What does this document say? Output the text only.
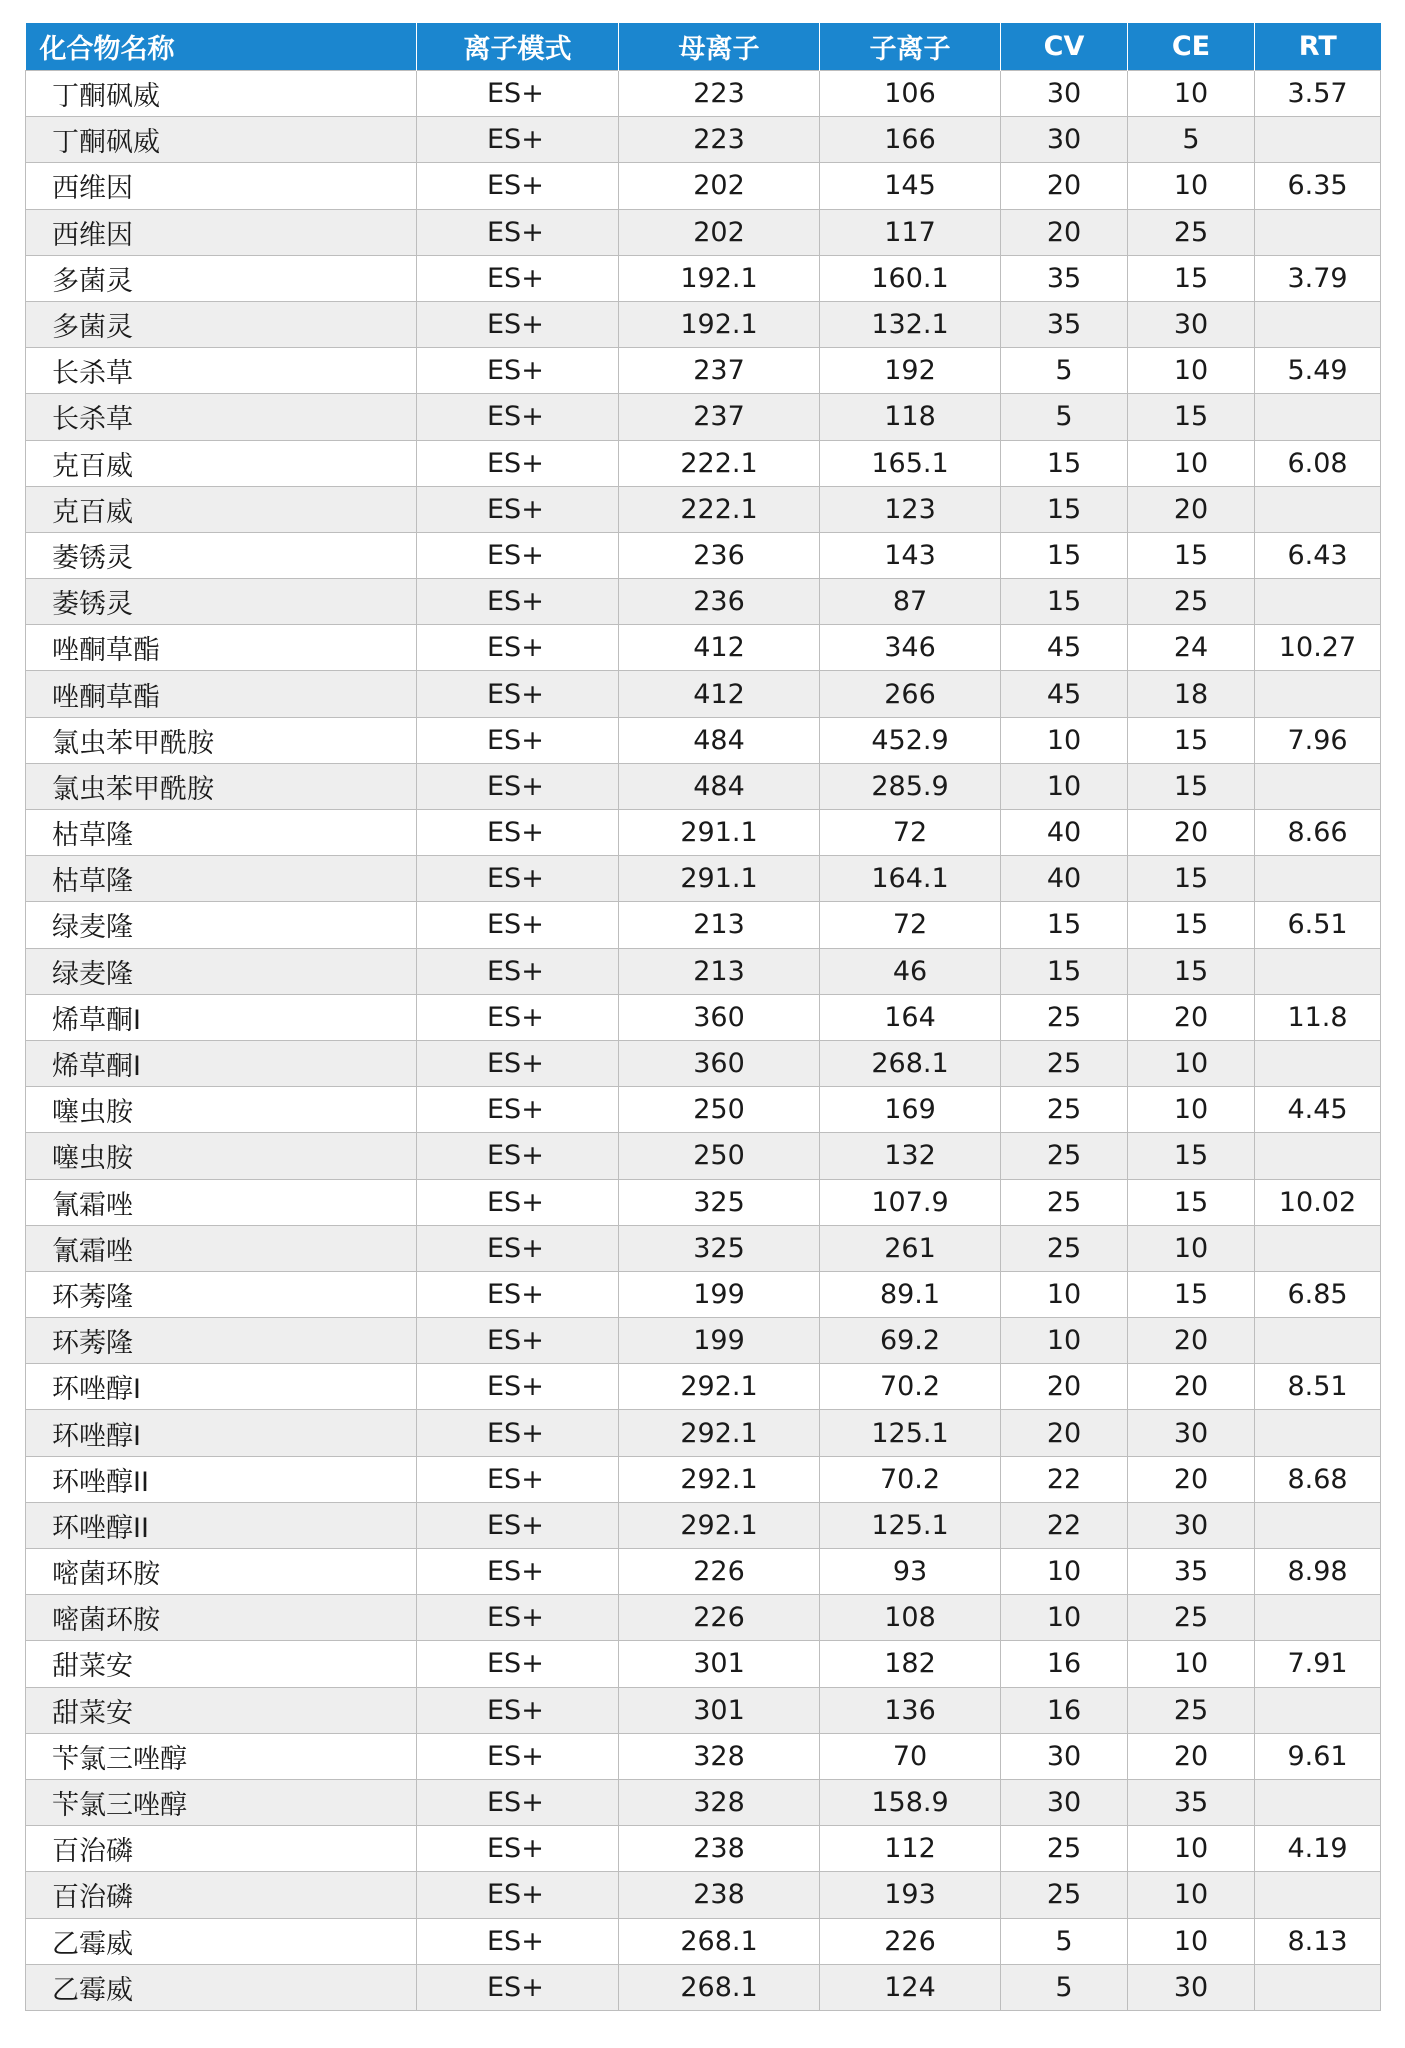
化合物名称	离子模式	母离子	子离子	CV	CE	RT
丁酮砜威	ES+	223	106	30	10	3.57
丁酮砜威	ES+	223	166	30	5	
西维因	ES+	202	145	20	10	6.35
西维因	ES+	202	117	20	25	
多菌灵	ES+	192.1	160.1	35	15	3.79
多菌灵	ES+	192.1	132.1	35	30	
长杀草	ES+	237	192	5	10	5.49
长杀草	ES+	237	118	5	15	
克百威	ES+	222.1	165.1	15	10	6.08
克百威	ES+	222.1	123	15	20	
萎锈灵	ES+	236	143	15	15	6.43
萎锈灵	ES+	236	87	15	25	
唑酮草酯	ES+	412	346	45	24	10.27
唑酮草酯	ES+	412	266	45	18	
氯虫苯甲酰胺	ES+	484	452.9	10	15	7.96
氯虫苯甲酰胺	ES+	484	285.9	10	15	
枯草隆	ES+	291.1	72	40	20	8.66
枯草隆	ES+	291.1	164.1	40	15	
绿麦隆	ES+	213	72	15	15	6.51
绿麦隆	ES+	213	46	15	15	
烯草酮I	ES+	360	164	25	20	11.8
烯草酮I	ES+	360	268.1	25	10	
噻虫胺	ES+	250	169	25	10	4.45
噻虫胺	ES+	250	132	25	15	
氰霜唑	ES+	325	107.9	25	15	10.02
氰霜唑	ES+	325	261	25	10	
环莠隆	ES+	199	89.1	10	15	6.85
环莠隆	ES+	199	69.2	10	20	
环唑醇I	ES+	292.1	70.2	20	20	8.51
环唑醇I	ES+	292.1	125.1	20	30	
环唑醇II	ES+	292.1	70.2	22	20	8.68
环唑醇II	ES+	292.1	125.1	22	30	
嘧菌环胺	ES+	226	93	10	35	8.98
嘧菌环胺	ES+	226	108	10	25	
甜菜安	ES+	301	182	16	10	7.91
甜菜安	ES+	301	136	16	25	
苄氯三唑醇	ES+	328	70	30	20	9.61
苄氯三唑醇	ES+	328	158.9	30	35	
百治磷	ES+	238	112	25	10	4.19
百治磷	ES+	238	193	25	10	
乙霉威	ES+	268.1	226	5	10	8.13
乙霉威	ES+	268.1	124	5	30	
